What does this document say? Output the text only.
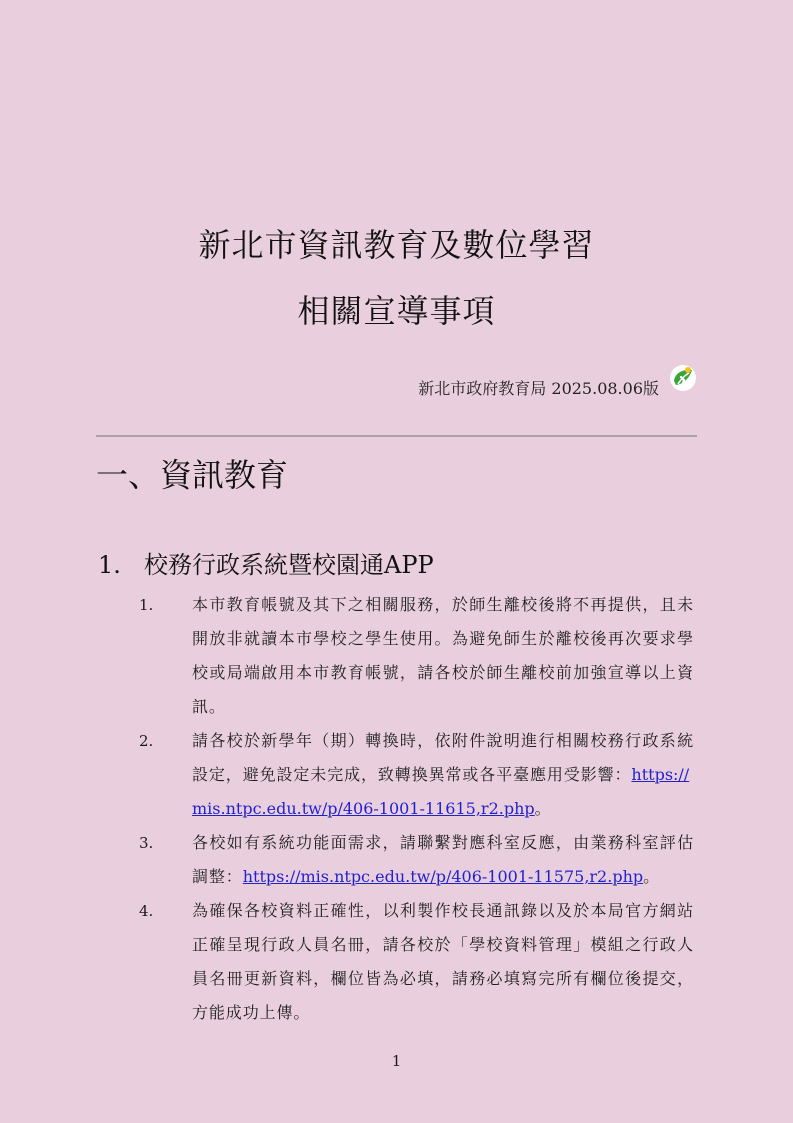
新北市資訊教育及數位學習
相關宣導事項
新北市政府教育局 2025.08.06版
一、資訊教育
1. 校務行政系統暨校園通APP
1. 本市教育帳號及其下之相關服務，於師生離校後將不再提供，且未開放非就讀本市學校之學生使用。為避免師生於離校後再次要求學校或局端啟用本市教育帳號，請各校於師生離校前加強宣導以上資訊。
2. 請各校於新學年（期）轉換時，依附件說明進行相關校務行政系統設定，避免設定未完成，致轉換異常或各平臺應用受影響：https://
mis.ntpc.edu.tw/p/406-1001-11615,r2.php。
3. 各校如有系統功能面需求，請聯繫對應科室反應，由業務科室評估調整：https://mis.ntpc.edu.tw/p/406-1001-11575,r2.php。
4. 為確保各校資料正確性，以利製作校長通訊錄以及於本局官方網站正確呈現行政人員名冊，請各校於「學校資料管理」模組之行政人員名冊更新資料，欄位皆為必填，請務必填寫完所有欄位後提交，方能成功上傳。
1
